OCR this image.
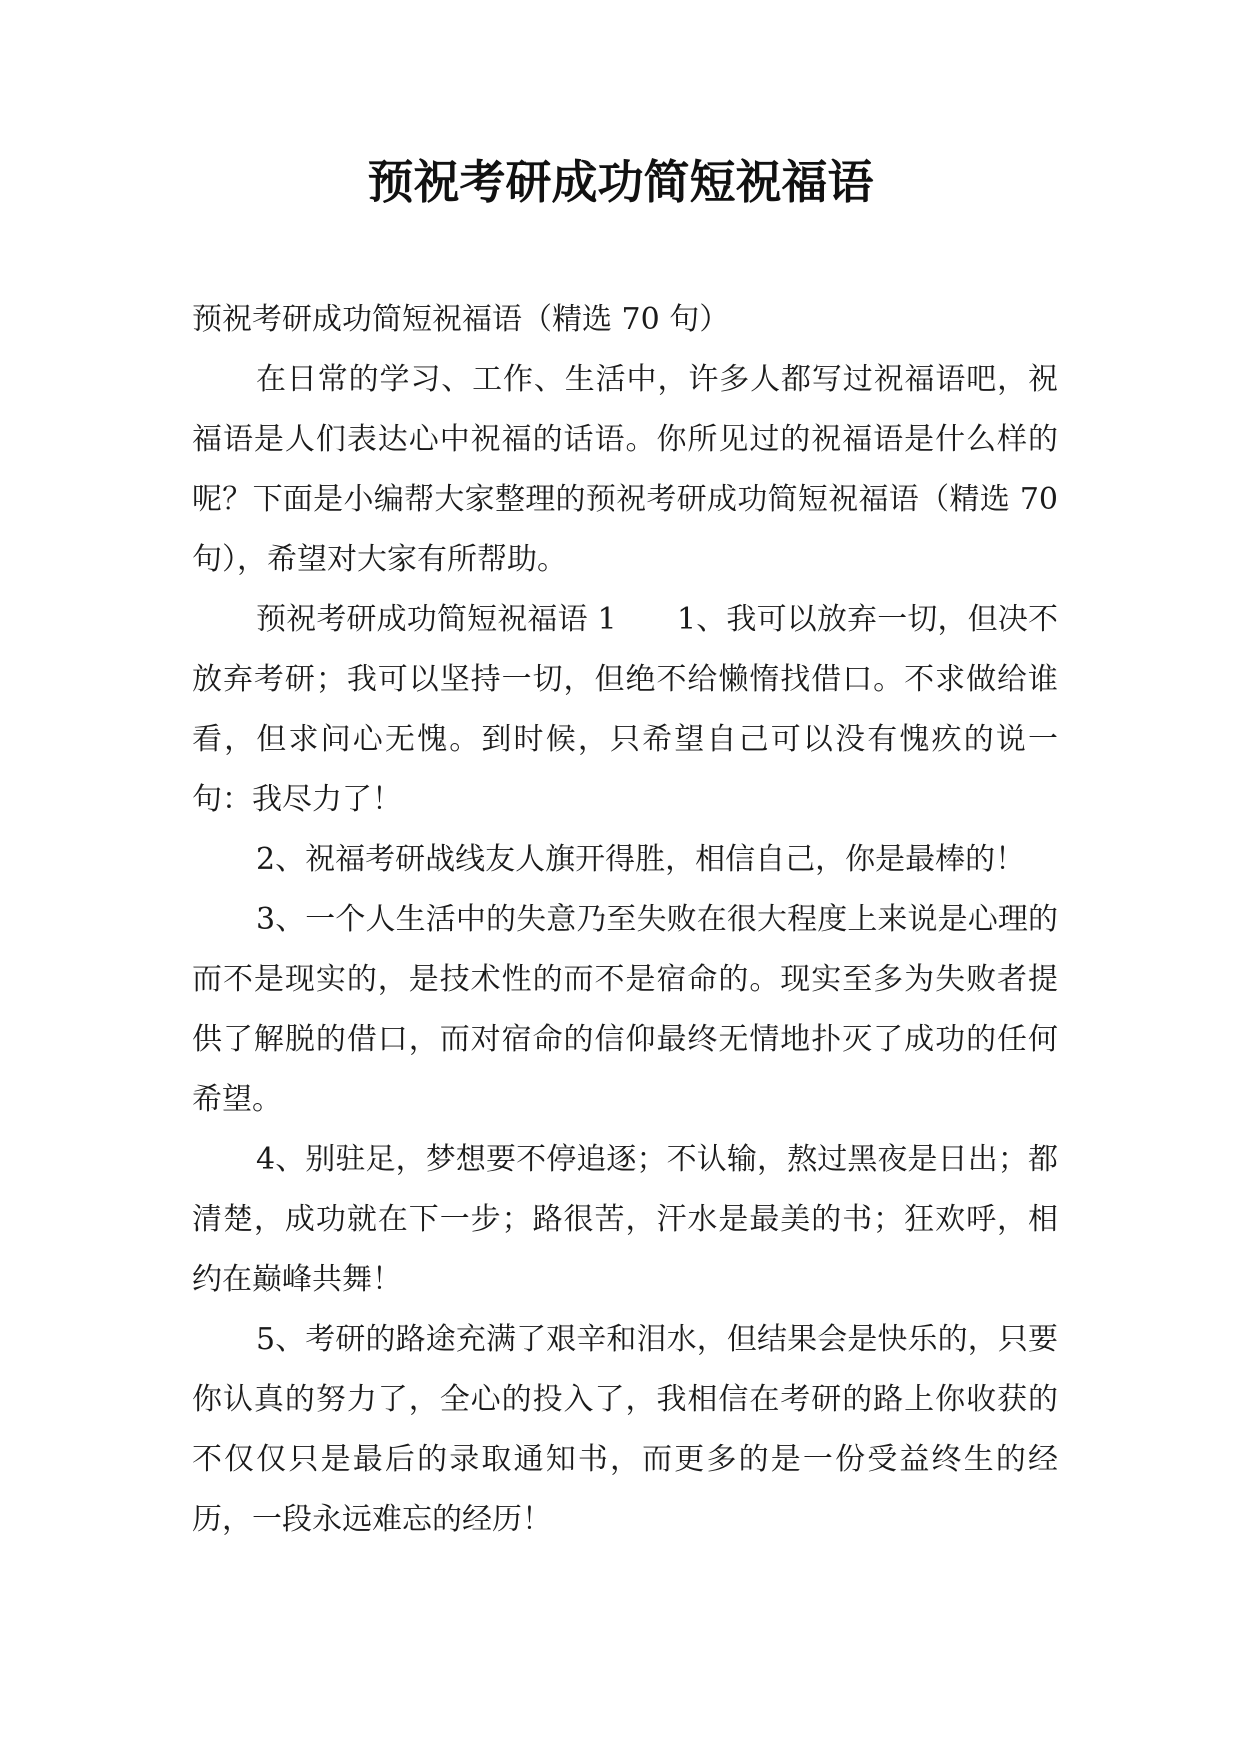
预祝考研成功简短祝福语

预祝考研成功简短祝福语（精选 70 句）

在日常的学习、工作、生活中，许多人都写过祝福语吧，祝福语是人们表达心中祝福的话语。你所见过的祝福语是什么样的呢？下面是小编帮大家整理的预祝考研成功简短祝福语（精选 70 句），希望对大家有所帮助。

预祝考研成功简短祝福语 1　　1、我可以放弃一切，但决不放弃考研；我可以坚持一切，但绝不给懒惰找借口。不求做给谁看，但求问心无愧。到时候，只希望自己可以没有愧疚的说一句：我尽力了！

2、祝福考研战线友人旗开得胜，相信自己，你是最棒的！

3、一个人生活中的失意乃至失败在很大程度上来说是心理的而不是现实的，是技术性的而不是宿命的。现实至多为失败者提供了解脱的借口，而对宿命的信仰最终无情地扑灭了成功的任何希望。

4、别驻足，梦想要不停追逐；不认输，熬过黑夜是日出；都清楚，成功就在下一步；路很苦，汗水是最美的书；狂欢呼，相约在巅峰共舞！

5、考研的路途充满了艰辛和泪水，但结果会是快乐的，只要你认真的努力了，全心的投入了，我相信在考研的路上你收获的不仅仅只是最后的录取通知书，而更多的是一份受益终生的经历，一段永远难忘的经历！
